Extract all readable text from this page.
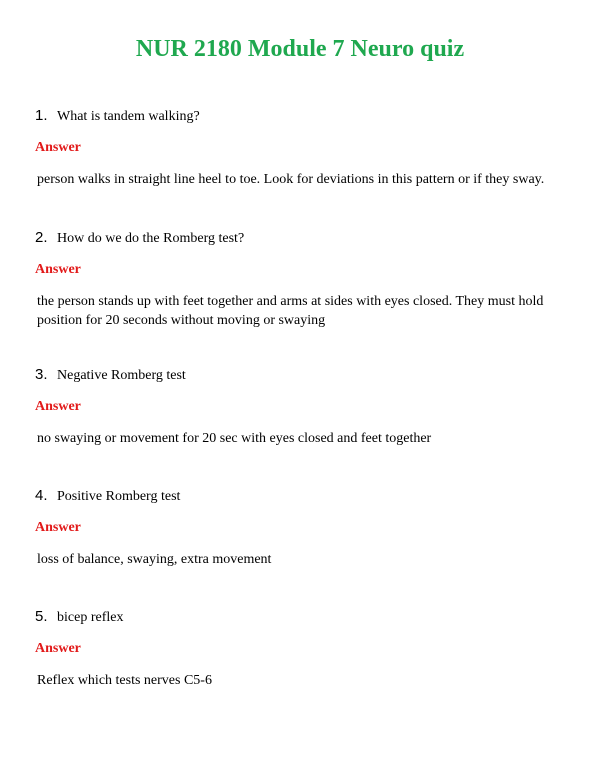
NUR 2180 Module 7 Neuro quiz
1. What is tandem walking?
Answer
person walks in straight line heel to toe. Look for deviations in this pattern or if they sway.
2. How do we do the Romberg test?
Answer
the person stands up with feet together and arms at sides with eyes closed. They must hold position for 20 seconds without moving or swaying
3. Negative Romberg test
Answer
no swaying or movement for 20 sec with eyes closed and feet together
4. Positive Romberg test
Answer
loss of balance, swaying, extra movement
5. bicep reflex
Answer
Reflex which tests nerves C5-6
